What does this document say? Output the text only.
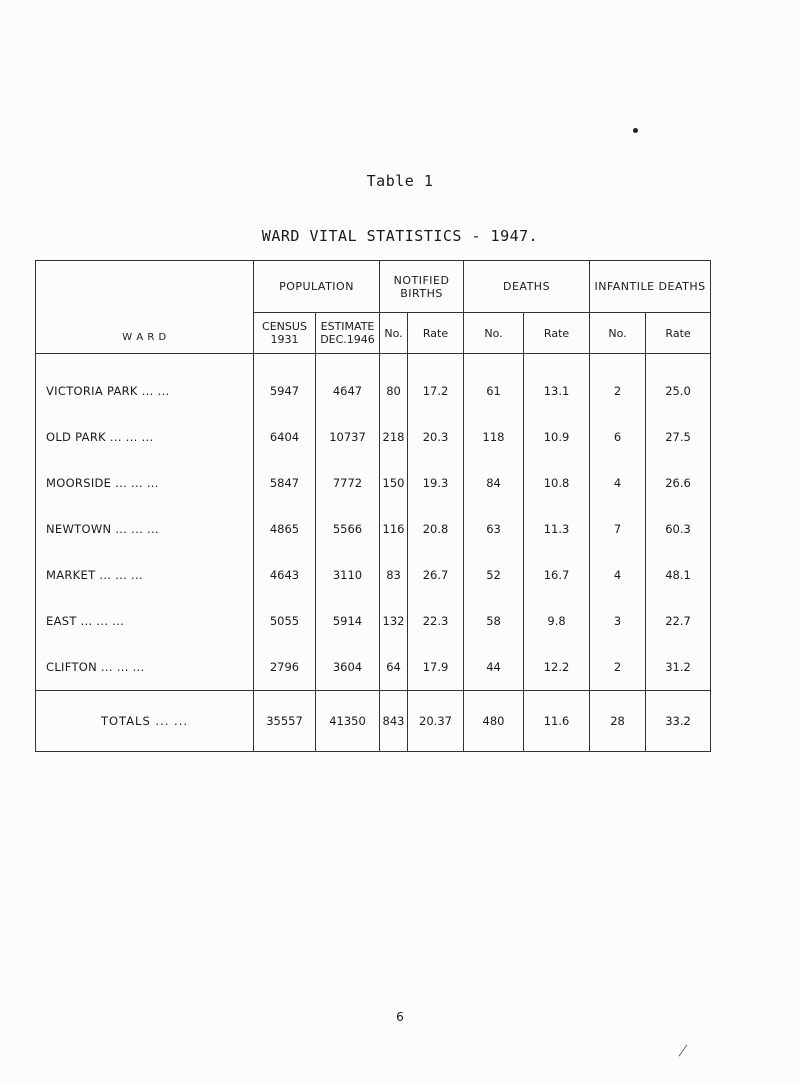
Table 1
WARD VITAL STATISTICS - 1947.
W A R D	POPULATION		NOTIFIED BIRTHS		DEATHS		INFANTILE DEATHS	
	CENSUS 1931	ESTIMATE DEC.1946	No.	Rate	No.	Rate	No.	Rate
VICTORIA PARK ... ...	5947	4647	80	17.2	61	13.1	2	25.0
OLD PARK ... ... ...	6404	10737	218	20.3	118	10.9	6	27.5
MOORSIDE ... ... ...	5847	7772	150	19.3	84	10.8	4	26.6
NEWTOWN ... ... ...	4865	5566	116	20.8	63	11.3	7	60.3
MARKET ... ... ...	4643	3110	83	26.7	52	16.7	4	48.1
EAST ... ... ...	5055	5914	132	22.3	58	9.8	3	22.7
CLIFTON ... ... ...	2796	3604	64	17.9	44	12.2	2	31.2
TOTALS ... ...	35557	41350	843	20.37	480	11.6	28	33.2
6
